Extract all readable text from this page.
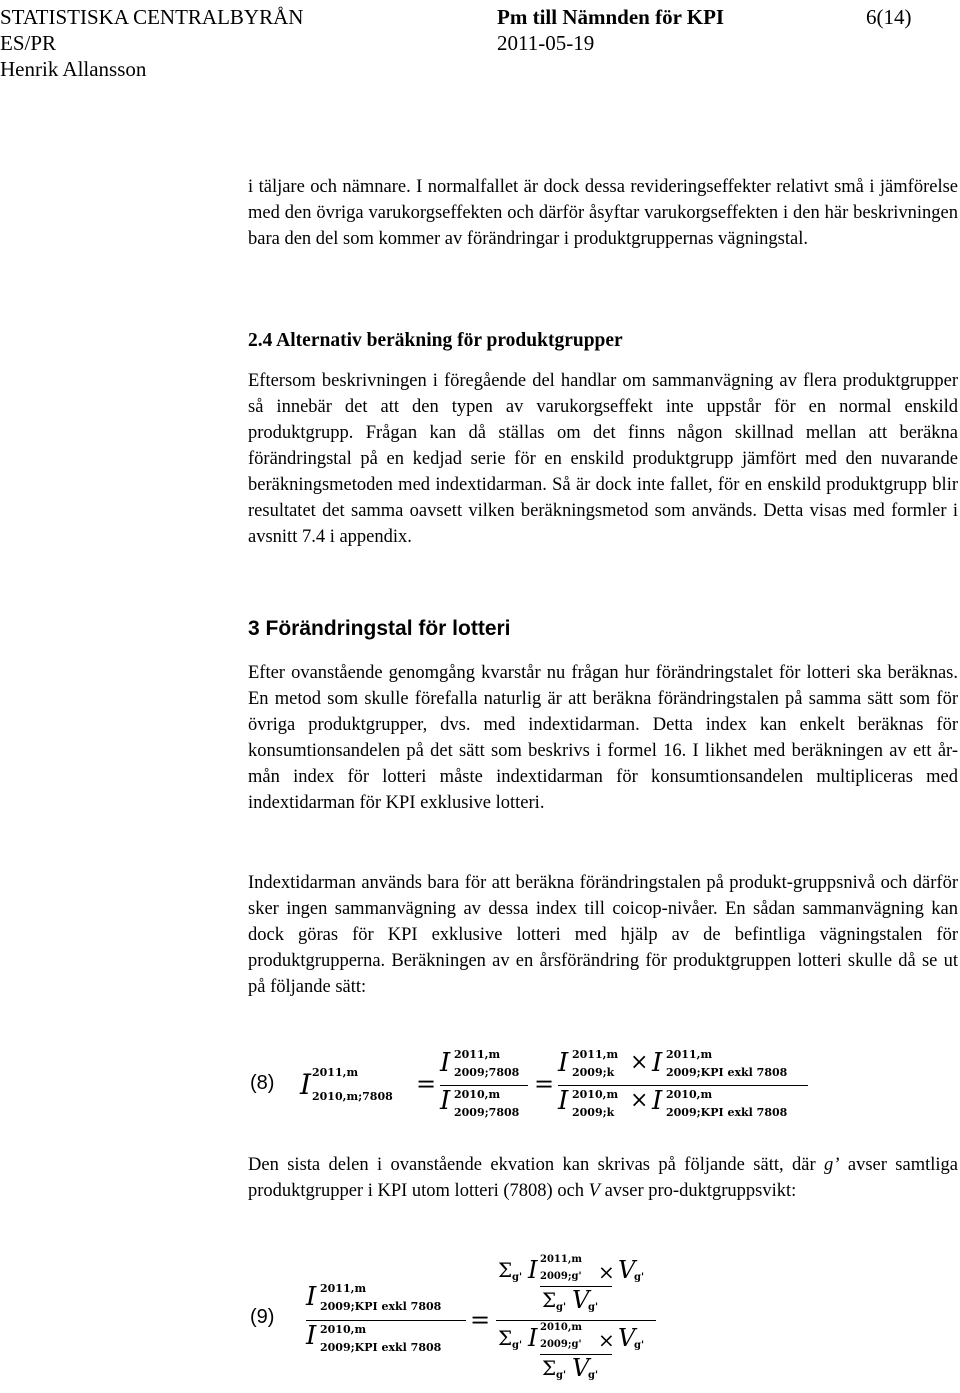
STATISTISKA CENTRALBYRÅN	Pm till Nämnden för KPI	6(14)
ES/PR	2011-05-19
Henrik Allansson

i täljare och nämnare. I normalfallet är dock dessa revideringseffekter relativt små i jämförelse med den övriga varukorgseffekten och därför åsyftar varukorgseffekten i den här beskrivningen bara den del som kommer av förändringar i produktgruppernas vägningstal.

2.4 Alternativ beräkning för produktgrupper

Eftersom beskrivningen i föregående del handlar om sammanvägning av flera produktgrupper så innebär det att den typen av varukorgseffekt inte uppstår för en normal enskild produktgrupp. Frågan kan då ställas om det finns någon skillnad mellan att beräkna förändringstal på en kedjad serie för en enskild produktgrupp jämfört med den nuvarande beräkningsmetoden med indextidarman. Så är dock inte fallet, för en enskild produktgrupp blir resultatet det samma oavsett vilken beräkningsmetod som används. Detta visas med formler i avsnitt 7.4 i appendix.

3 Förändringstal för lotteri

Efter ovanstående genomgång kvarstår nu frågan hur förändringstalet för lotteri ska beräknas. En metod som skulle förefalla naturlig är att beräkna förändringstalen på samma sätt som för övriga produktgrupper, dvs. med indextidarman. Detta index kan enkelt beräknas för konsumtionsandelen på det sätt som beskrivs i formel 16. I likhet med beräkningen av ett år-mån index för lotteri måste indextidarman för konsumtionsandelen multipliceras med indextidarman för KPI exklusive lotteri.

Indextidarman används bara för att beräkna förändringstalen på produkt-gruppsnivå och därför sker ingen sammanvägning av dessa index till coicop-nivåer. En sådan sammanvägning kan dock göras för KPI exklusive lotteri med hjälp av de befintliga vägningstalen för produktgrupperna. Beräkningen av en årsförändring för produktgruppen lotteri skulle då se ut på följande sätt:

(8) I 2011,m
2010,m;7808 =
I 2011,m
2009;7808
I 2010,m
2009;7808
=
I 2011,m
2009;k × I 2011,m
2009;KPI exkl 7808
I 2010,m
2009;k × I 2010,m
2009;KPI exkl 7808

Den sista delen i ovanstående ekvation kan skrivas på följande sätt, där g’ avser samtliga produktgrupper i KPI utom lotteri (7808) och V avser pro-duktgruppsvikt:

(9)
I 2011,m
2009;KPI exkl 7808
I 2010,m
2009;KPI exkl 7808
=
Σ g' I 2011,m
2009;g' × V
g'
Σ g' V
g'
Σ g' I 2010,m
2009;g' × V
g'
Σ g' V
g'
